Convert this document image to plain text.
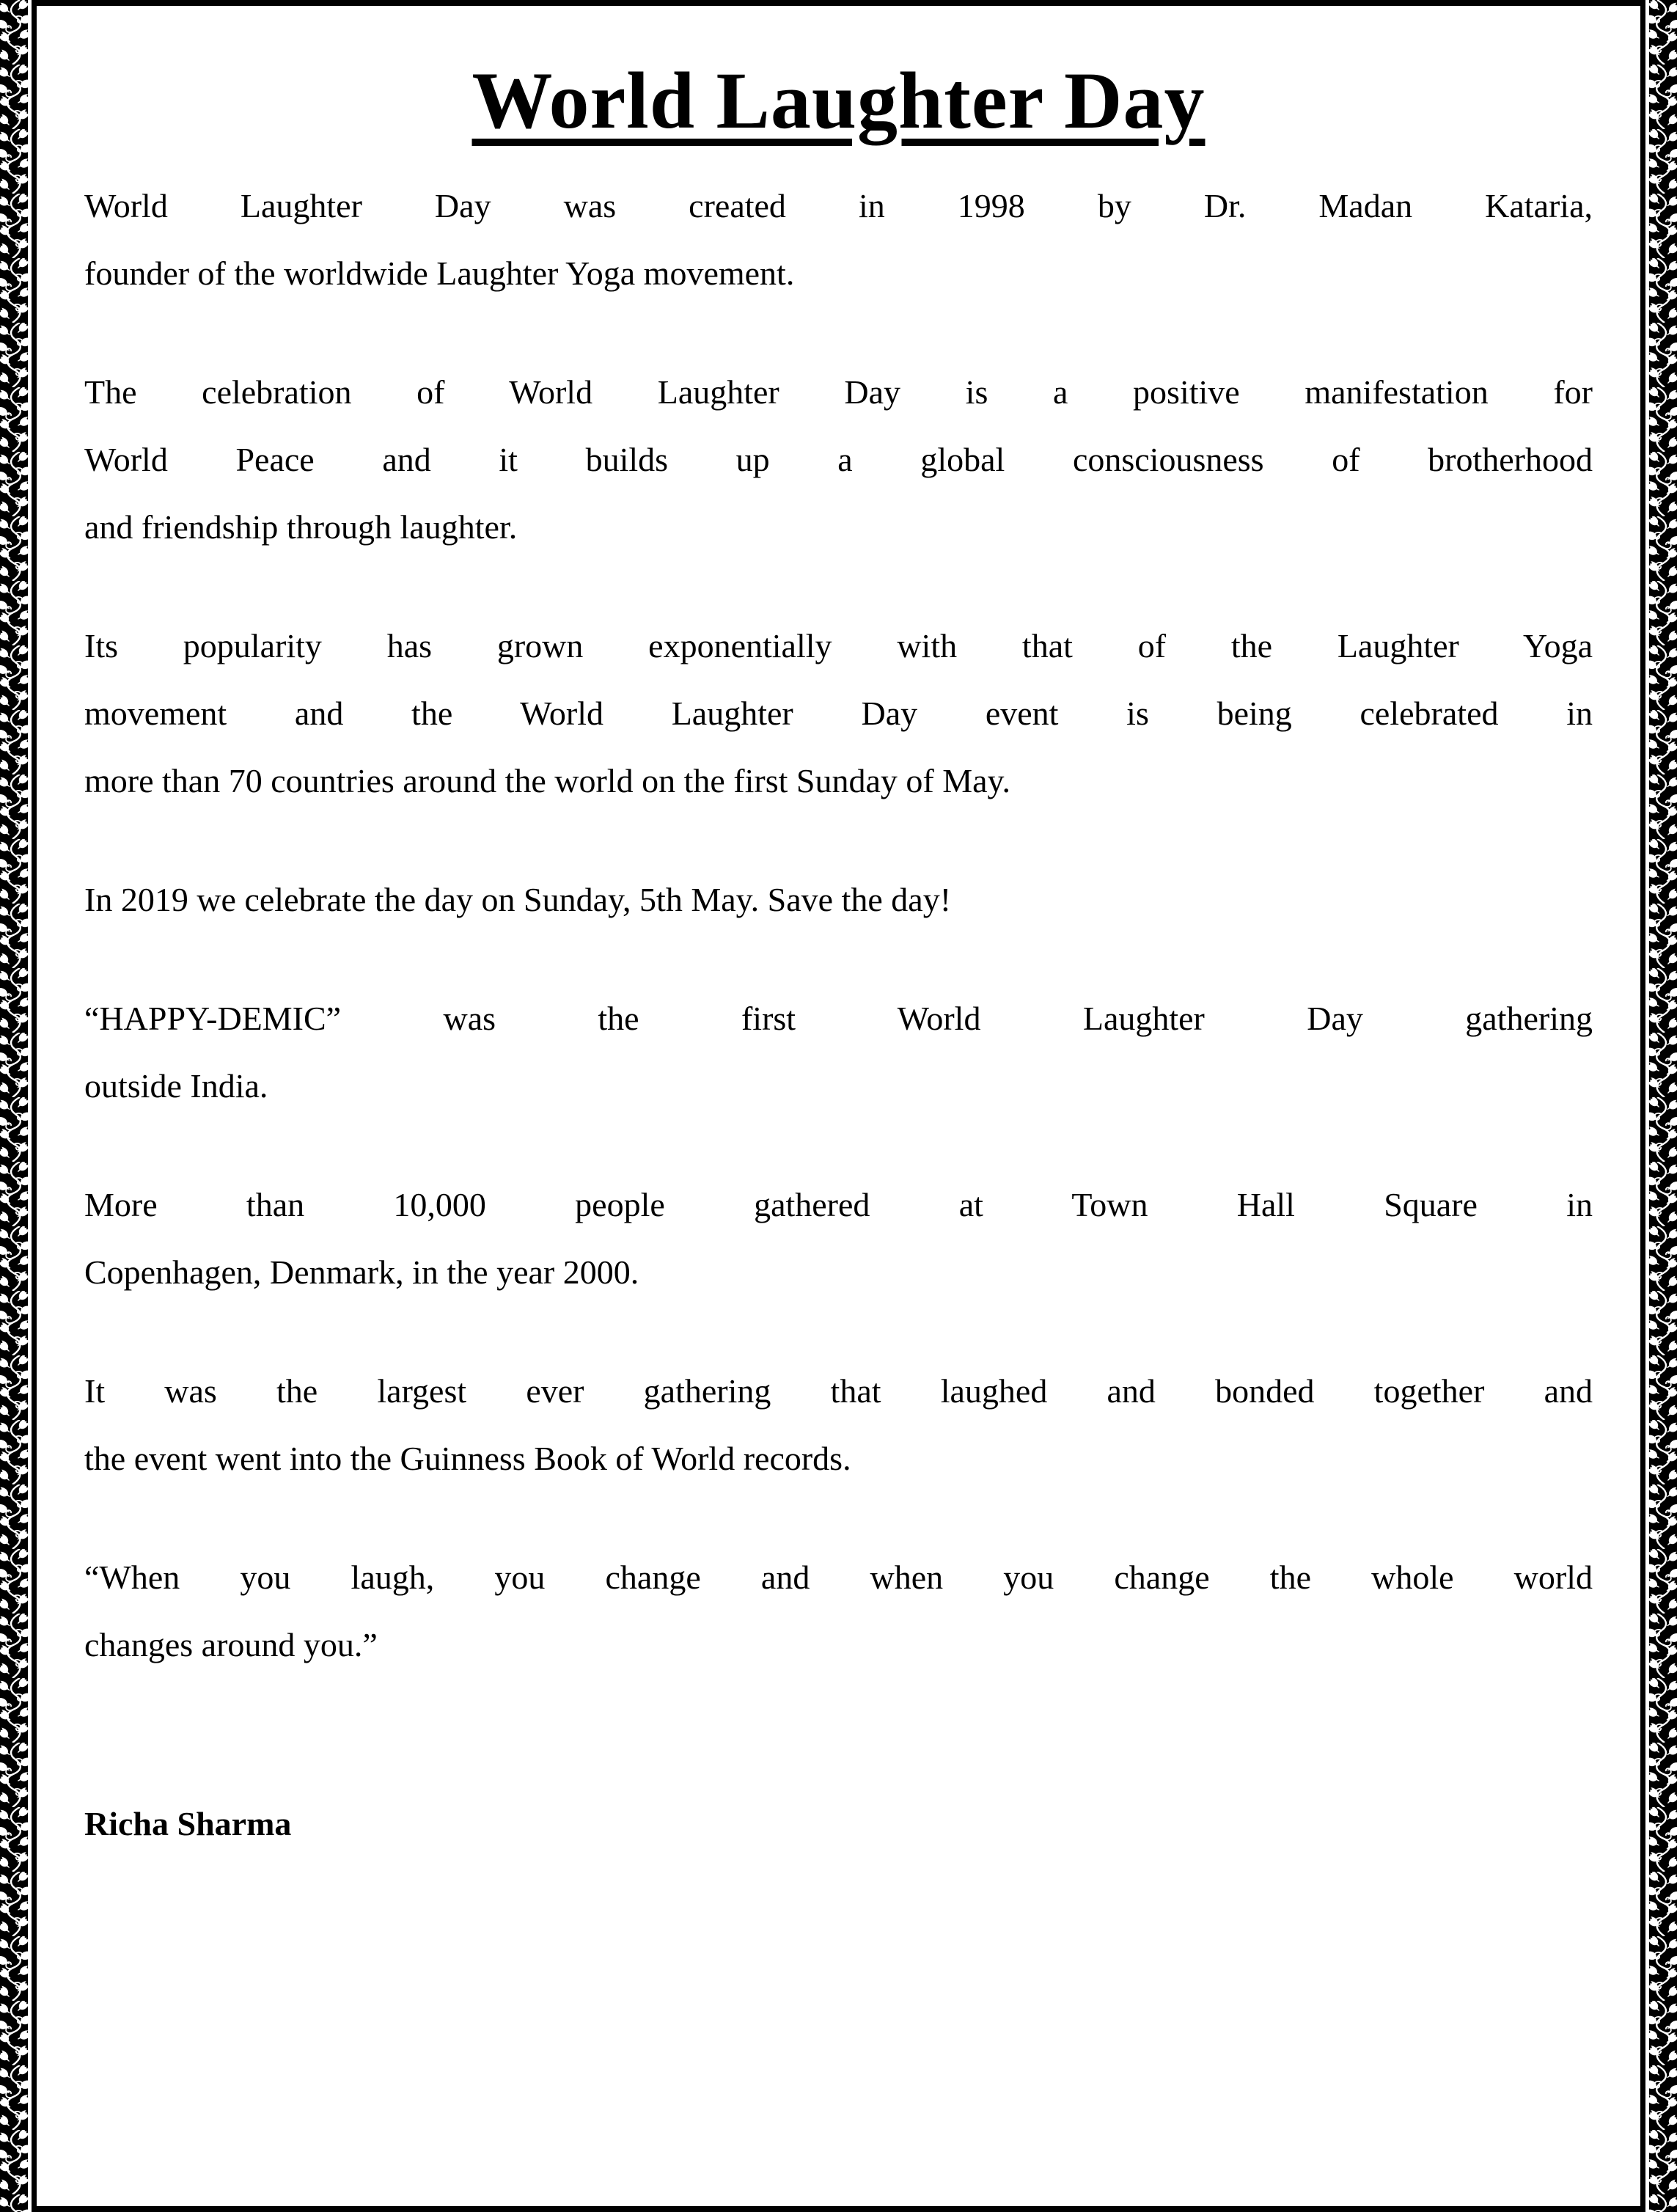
World Laughter Day
World Laughter Day was created in 1998 by Dr. Madan Kataria,
founder of the worldwide Laughter Yoga movement.
The celebration of World Laughter Day is a positive manifestation for
World Peace and it builds up a global consciousness of brotherhood
and friendship through laughter.
Its popularity has grown exponentially with that of the Laughter Yoga
movement and the World Laughter Day event is being celebrated in
more than 70 countries around the world on the first Sunday of May.
In 2019 we celebrate the day on Sunday, 5th May. Save the day!
“HAPPY-DEMIC” was the first World Laughter Day gathering
outside India.
More than 10,000 people gathered at Town Hall Square in
Copenhagen, Denmark, in the year 2000.
It was the largest ever gathering that laughed and bonded together and
the event went into the Guinness Book of World records.
“When you laugh, you change and when you change the whole world
changes around you.”
Richa Sharma
